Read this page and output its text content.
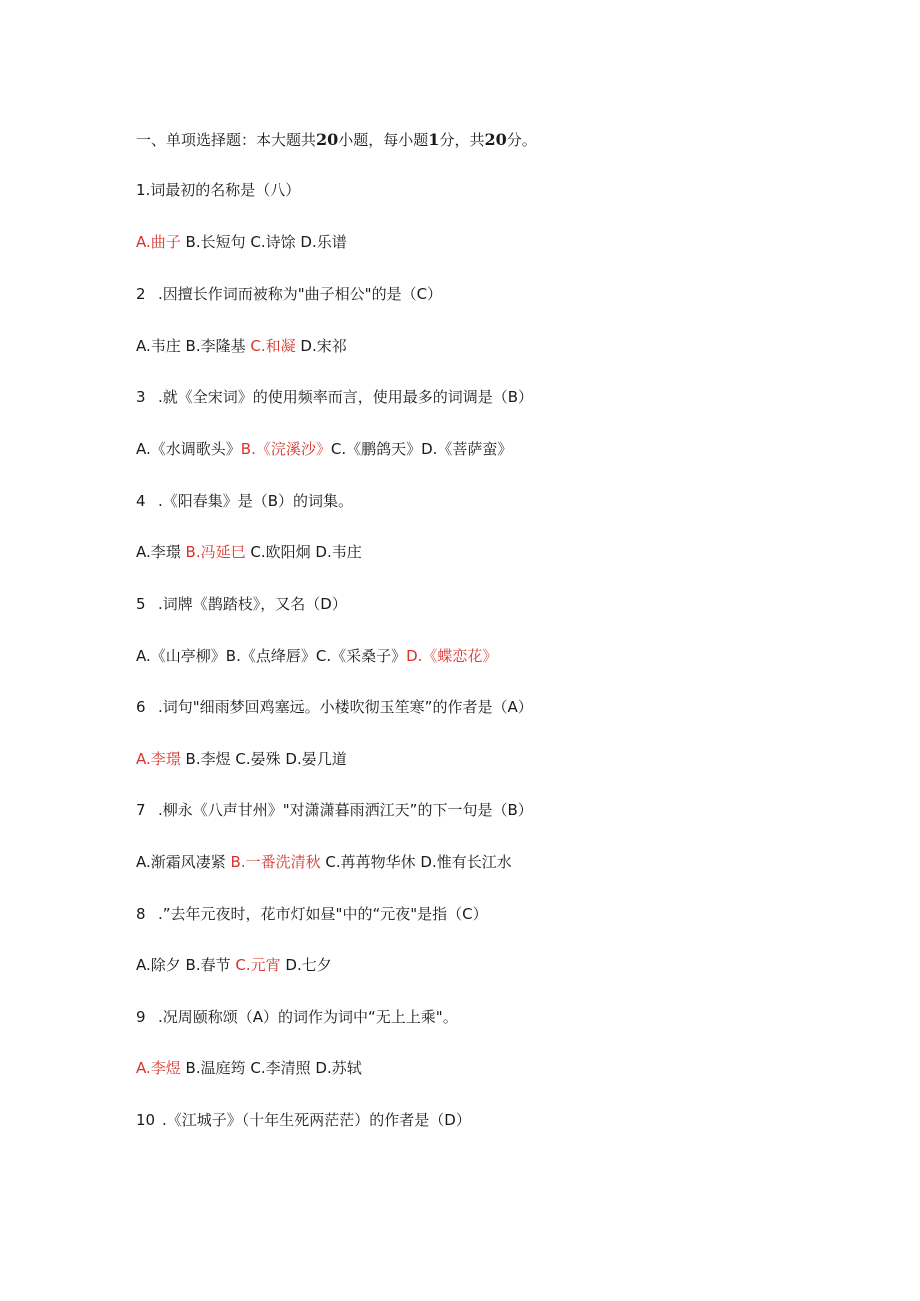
一、单项选择题：本大题共20小题，每小题1分，共20分。
1.词最初的名称是（八）
A.曲子 B.长短句 C.诗馀 D.乐谱
2 .因擅长作词而被称为"曲子相公"的是（C）
A.韦庄 B.李隆基 C.和凝 D.宋祁
3 .就《全宋词》的使用频率而言，使用最多的词调是（B）
A.《水调歌头》B.《浣溪沙》C.《鹏鸽天》D.《菩萨蛮》
4 .《阳春集》是（B）的词集。
A.李璟 B.冯延巳 C.欧阳炯 D.韦庄
5 .词牌《鹊踏枝》，又名（D）
A.《山亭柳》B.《点绛唇》C.《采桑子》D.《蝶恋花》
6 .词句"细雨梦回鸡塞远。小楼吹彻玉笙寒”的作者是（A）
A.李璟 B.李煜 C.晏殊 D.晏几道
7 .柳永《八声甘州》"对潇潇暮雨洒江天”的下一句是（B）
A.渐霜风凄紧 B.一番洗清秋 C.苒苒物华休 D.惟有长江水
8 .”去年元夜时，花市灯如昼"中的“元夜"是指（C）
A.除夕 B.春节 C.元宵 D.七夕
9 .况周颐称颂（A）的词作为词中“无上上乘"。
A.李煜 B.温庭筠 C.李清照 D.苏轼
10 .《江城子》（十年生死两茫茫）的作者是（D）
